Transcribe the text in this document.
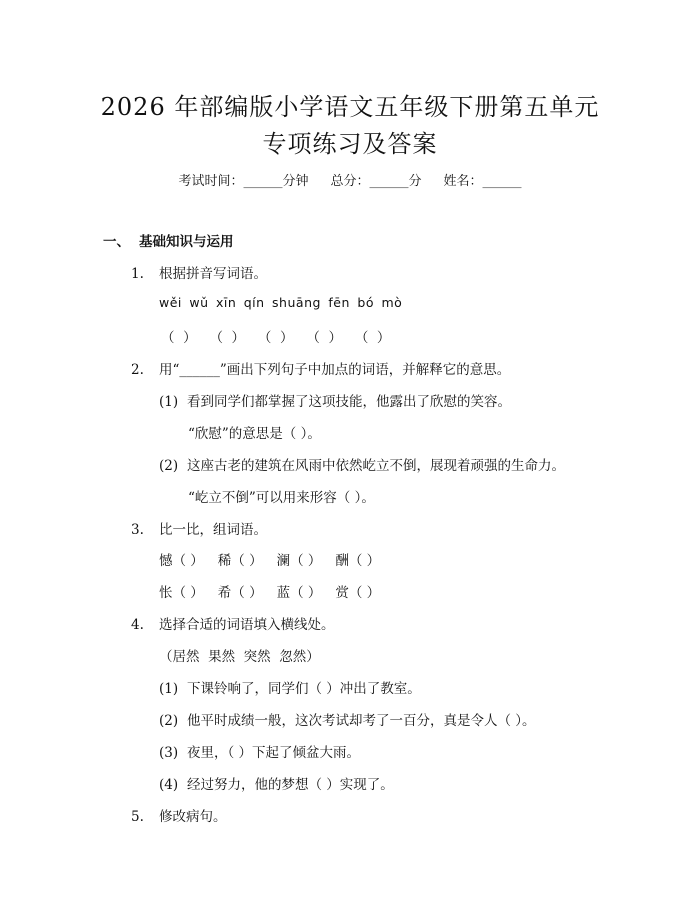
2026 年部编版小学语文五年级下册第五单元
专项练习及答案
考试时间：______分钟 总分：______分 姓名：______
一、 基础知识与运用
1. 根据拼音写词语。
wěi wǔ xīn qín shuāng fēn bó mò
（  ）   （  ）   （  ）   （  ）   （  ）
2. 用“______”画出下列句子中加点的词语，并解释它的意思。
(1) 看到同学们都掌握了这项技能，他露出了欣慰的笑容。
“欣慰”的意思是（ ）。
(2) 这座古老的建筑在风雨中依然屹立不倒，展现着顽强的生命力。
“屹立不倒”可以用来形容（ ）。
3. 比一比，组词语。
憾（ ） 稀（ ） 澜（ ） 酬（ ）
怅（ ） 希（ ） 蓝（ ） 赏（ ）
4. 选择合适的词语填入横线处。
（居然  果然  突然  忽然）
(1) 下课铃响了，同学们（ ）冲出了教室。
(2) 他平时成绩一般，这次考试却考了一百分，真是令人（ ）。
(3) 夜里，（ ）下起了倾盆大雨。
(4) 经过努力，他的梦想（ ）实现了。
5. 修改病句。
